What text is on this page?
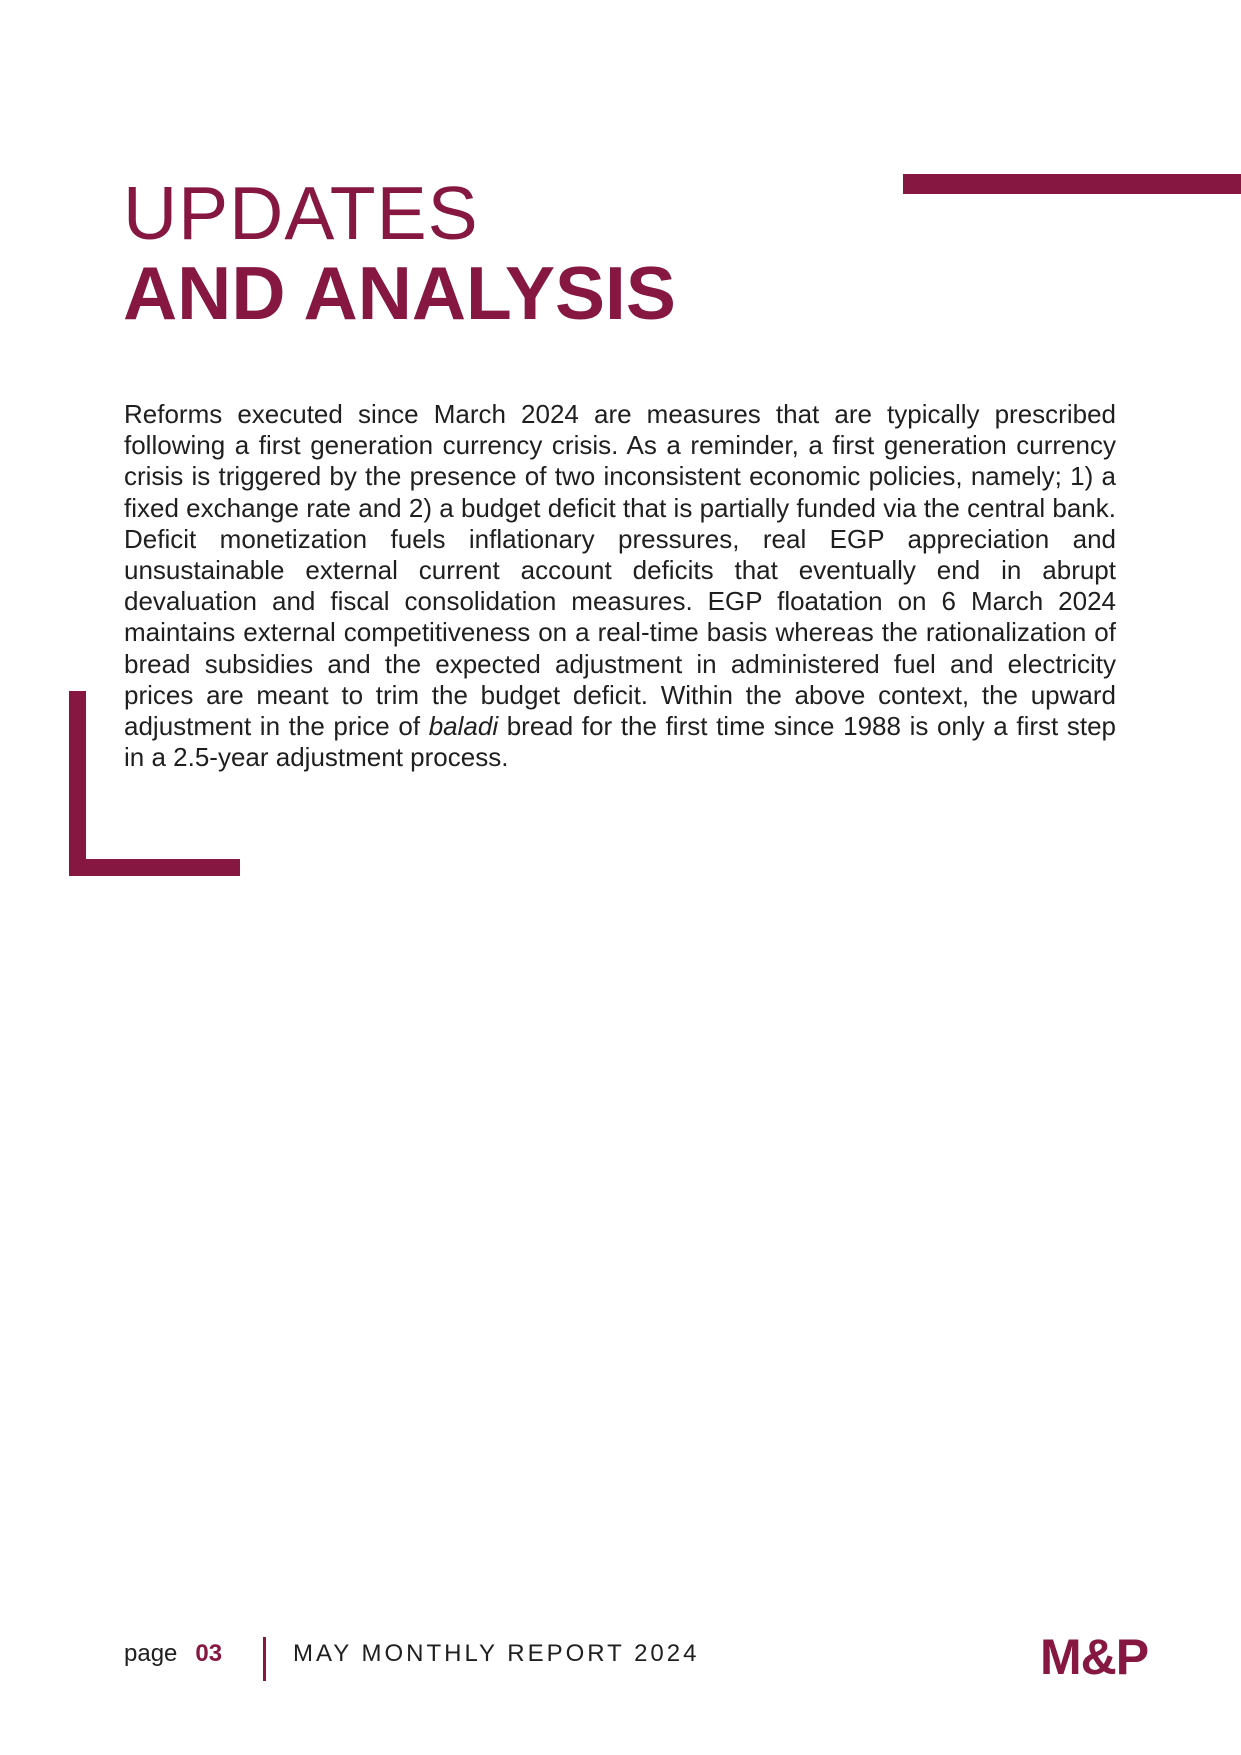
UPDATES
AND ANALYSIS

Reforms executed since March 2024 are measures that are typically prescribed following a first generation currency crisis. As a reminder, a first generation currency crisis is triggered by the presence of two inconsistent economic policies, namely; 1) a fixed exchange rate and 2) a budget deficit that is partially funded via the central bank. Deficit monetization fuels inflationary pressures, real EGP appreciation and unsustainable external current account deficits that eventually end in abrupt devaluation and fiscal consolidation measures. EGP floatation on 6 March 2024 maintains external competitiveness on a real-time basis whereas the rationalization of bread subsidies and the expected adjustment in administered fuel and electricity prices are meant to trim the budget deficit. Within the above context, the upward adjustment in the price of baladi bread for the first time since 1988 is only a first step in a 2.5-year adjustment process.

page 03	MAY MONTHLY REPORT 2024	M&P
